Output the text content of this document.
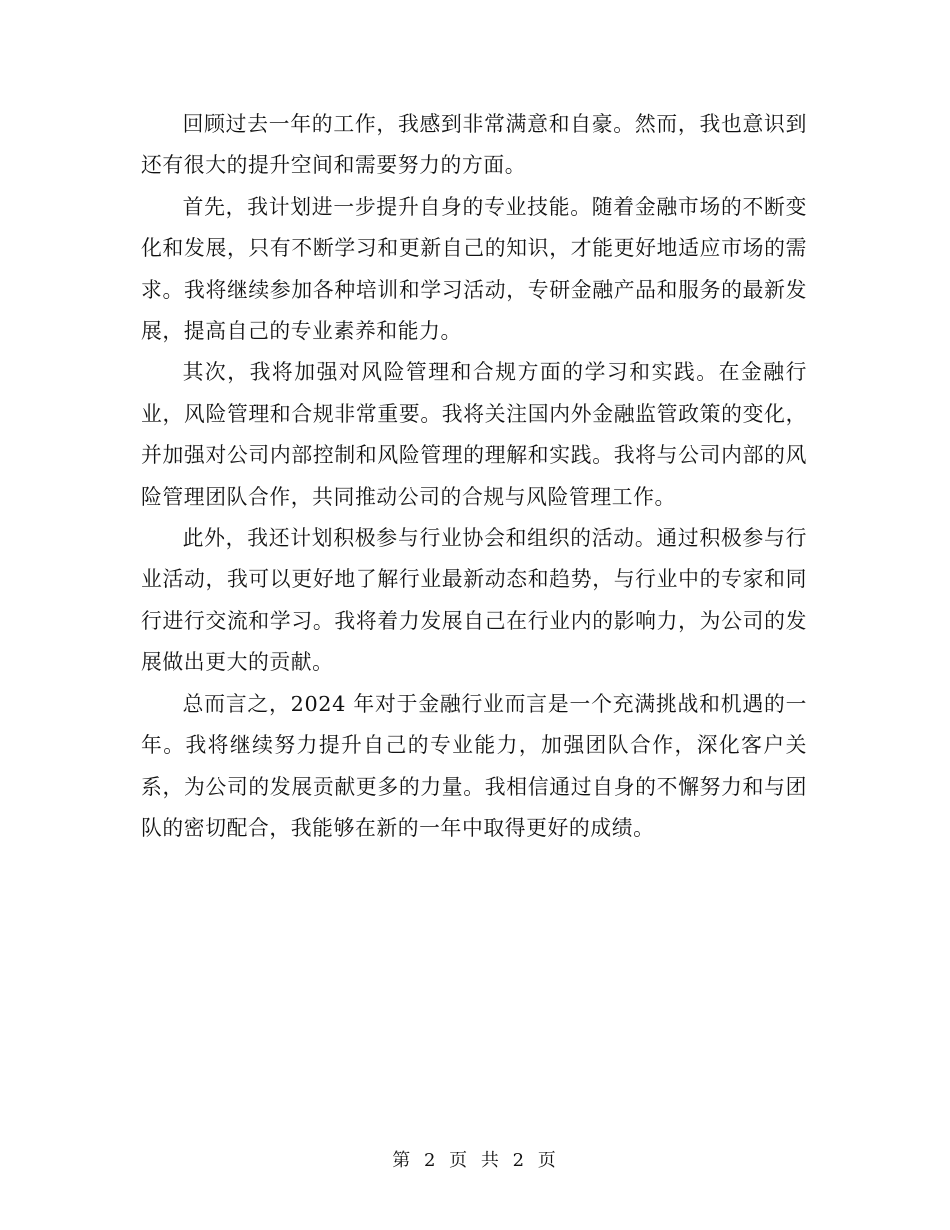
回顾过去一年的工作，我感到非常满意和自豪。然而，我也意识到还有很大的提升空间和需要努力的方面。

首先，我计划进一步提升自身的专业技能。随着金融市场的不断变化和发展，只有不断学习和更新自己的知识，才能更好地适应市场的需求。我将继续参加各种培训和学习活动，专研金融产品和服务的最新发展，提高自己的专业素养和能力。

其次，我将加强对风险管理和合规方面的学习和实践。在金融行业，风险管理和合规非常重要。我将关注国内外金融监管政策的变化，并加强对公司内部控制和风险管理的理解和实践。我将与公司内部的风险管理团队合作，共同推动公司的合规与风险管理工作。

此外，我还计划积极参与行业协会和组织的活动。通过积极参与行业活动，我可以更好地了解行业最新动态和趋势，与行业中的专家和同行进行交流和学习。我将着力发展自己在行业内的影响力，为公司的发展做出更大的贡献。

总而言之，2024 年对于金融行业而言是一个充满挑战和机遇的一年。我将继续努力提升自己的专业能力，加强团队合作，深化客户关系，为公司的发展贡献更多的力量。我相信通过自身的不懈努力和与团队的密切配合，我能够在新的一年中取得更好的成绩。

第 2 页 共 2 页
